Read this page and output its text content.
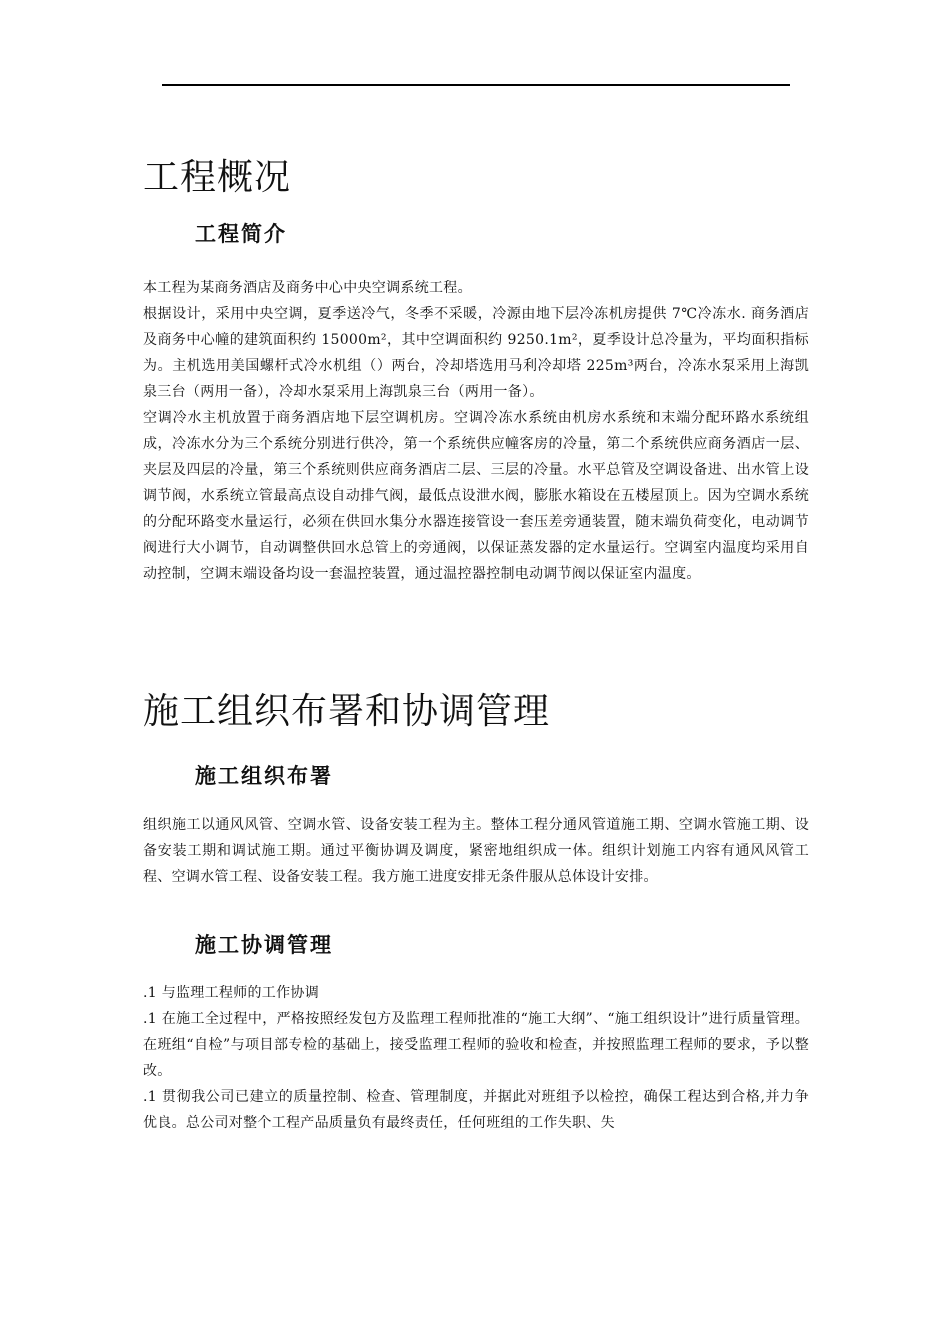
工程概况
工程简介

本工程为某商务酒店及商务中心中央空调系统工程。

根据设计，采用中央空调，夏季送冷气，冬季不采暖，冷源由地下层冷冻机房提供 7℃冷冻水. 商务酒店及商务中心幢的建筑面积约 15000m²，其中空调面积约 9250.1m²，夏季设计总冷量为，平均面积指标为。主机选用美国螺杆式冷水机组（）两台，冷却塔选用马利冷却塔 225m³两台，冷冻水泵采用上海凯泉三台（两用一备），冷却水泵采用上海凯泉三台（两用一备）。

空调冷水主机放置于商务酒店地下层空调机房。空调冷冻水系统由机房水系统和末端分配环路水系统组成，冷冻水分为三个系统分别进行供冷，第一个系统供应幢客房的冷量，第二个系统供应商务酒店一层、夹层及四层的冷量，第三个系统则供应商务酒店二层、三层的冷量。水平总管及空调设备进、出水管上设调节阀，水系统立管最高点设自动排气阀，最低点设泄水阀，膨胀水箱设在五楼屋顶上。因为空调水系统的分配环路变水量运行，必须在供回水集分水器连接管设一套压差旁通装置，随末端负荷变化，电动调节阀进行大小调节，自动调整供回水总管上的旁通阀，以保证蒸发器的定水量运行。空调室内温度均采用自动控制，空调末端设备均设一套温控装置，通过温控器控制电动调节阀以保证室内温度。

施工组织布署和协调管理
施工组织布署

组织施工以通风风管、空调水管、设备安装工程为主。整体工程分通风管道施工期、空调水管施工期、设备安装工期和调试施工期。通过平衡协调及调度，紧密地组织成一体。组织计划施工内容有通风风管工程、空调水管工程、设备安装工程。我方施工进度安排无条件服从总体设计安排。

施工协调管理

.1 与监理工程师的工作协调

.1 在施工全过程中，严格按照经发包方及监理工程师批准的“施工大纲”、“施工组织设计”进行质量管理。在班组“自检”与项目部专检的基础上，接受监理工程师的验收和检查，并按照监理工程师的要求，予以整改。

.1 贯彻我公司已建立的质量控制、检查、管理制度，并据此对班组予以检控，确保工程达到合格,并力争优良。总公司对整个工程产品质量负有最终责任，任何班组的工作失职、失
